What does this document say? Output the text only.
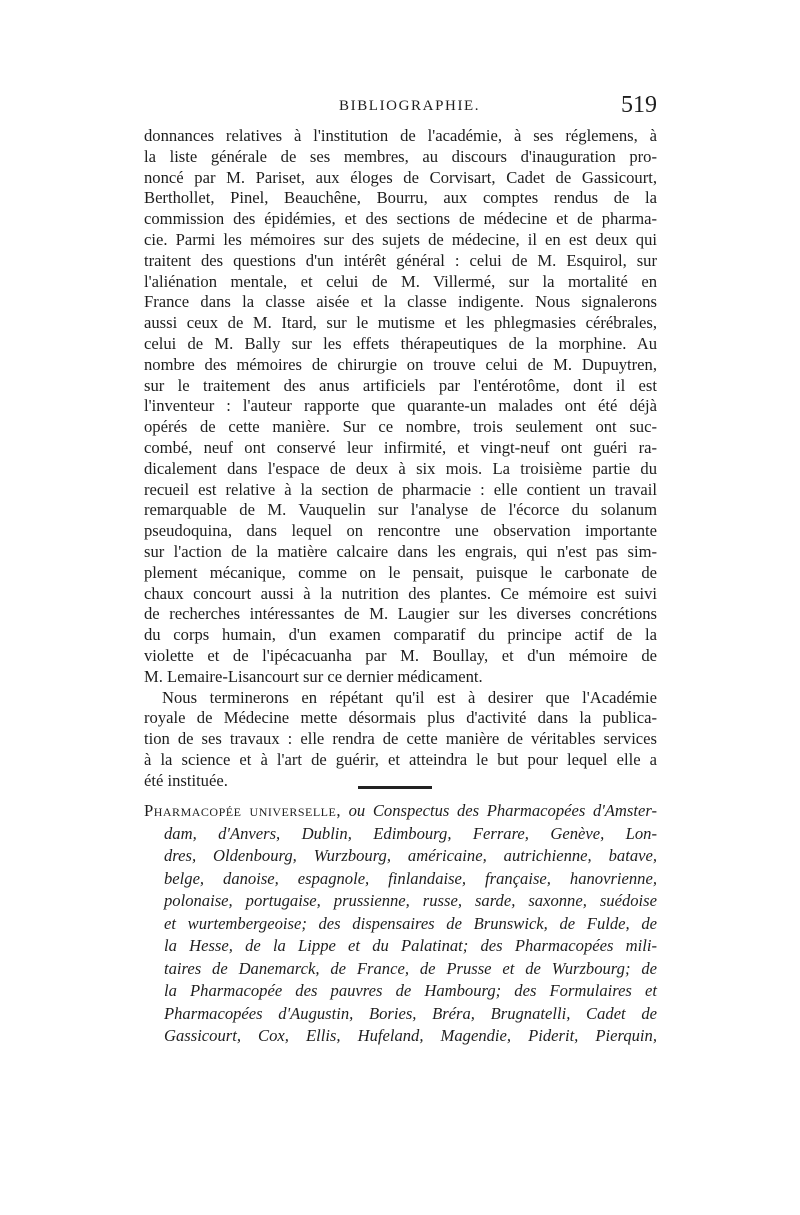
BIBLIOGRAPHIE.	519
donnances relatives à l'institution de l'académie, à ses réglemens, à
la liste générale de ses membres, au discours d'inauguration pro-
noncé par M. Pariset, aux éloges de Corvisart, Cadet de Gassicourt,
Berthollet, Pinel, Beauchêne, Bourru, aux comptes rendus de la
commission des épidémies, et des sections de médecine et de pharma-
cie. Parmi les mémoires sur des sujets de médecine, il en est deux qui
traitent des questions d'un intérêt général : celui de M. Esquirol, sur
l'aliénation mentale, et celui de M. Villermé, sur la mortalité en
France dans la classe aisée et la classe indigente. Nous signalerons
aussi ceux de M. Itard, sur le mutisme et les phlegmasies cérébrales,
celui de M. Bally sur les effets thérapeutiques de la morphine. Au
nombre des mémoires de chirurgie on trouve celui de M. Dupuytren,
sur le traitement des anus artificiels par l'entérotôme, dont il est
l'inventeur : l'auteur rapporte que quarante-un malades ont été déjà
opérés de cette manière. Sur ce nombre, trois seulement ont suc-
combé, neuf ont conservé leur infirmité, et vingt-neuf ont guéri ra-
dicalement dans l'espace de deux à six mois. La troisième partie du
recueil est relative à la section de pharmacie : elle contient un travail
remarquable de M. Vauquelin sur l'analyse de l'écorce du solanum
pseudoquina, dans lequel on rencontre une observation importante
sur l'action de la matière calcaire dans les engrais, qui n'est pas sim-
plement mécanique, comme on le pensait, puisque le carbonate de
chaux concourt aussi à la nutrition des plantes. Ce mémoire est suivi
de recherches intéressantes de M. Laugier sur les diverses concrétions
du corps humain, d'un examen comparatif du principe actif de la
violette et de l'ipécacuanha par M. Boullay, et d'un mémoire de
M. Lemaire-Lisancourt sur ce dernier médicament.
Nous terminerons en répétant qu'il est à desirer que l'Académie
royale de Médecine mette désormais plus d'activité dans la publica-
tion de ses travaux : elle rendra de cette manière de véritables services
à la science et à l'art de guérir, et atteindra le but pour lequel elle a
été instituée.
Pharmacopée universelle, ou Conspectus des Pharmacopées d'Amster-
dam, d'Anvers, Dublin, Edimbourg, Ferrare, Genève, Lon-
dres, Oldenbourg, Wurzbourg, américaine, autrichienne, batave,
belge, danoise, espagnole, finlandaise, française, hanovrienne,
polonaise, portugaise, prussienne, russe, sarde, saxonne, suédoise
et wurtembergeoise; des dispensaires de Brunswick, de Fulde, de
la Hesse, de la Lippe et du Palatinat; des Pharmacopées mili-
taires de Danemarck, de France, de Prusse et de Wurzbourg; de
la Pharmacopée des pauvres de Hambourg; des Formulaires et
Pharmacopées d'Augustin, Bories, Bréra, Brugnatelli, Cadet de
Gassicourt, Cox, Ellis, Hufeland, Magendie, Piderit, Pierquin,
